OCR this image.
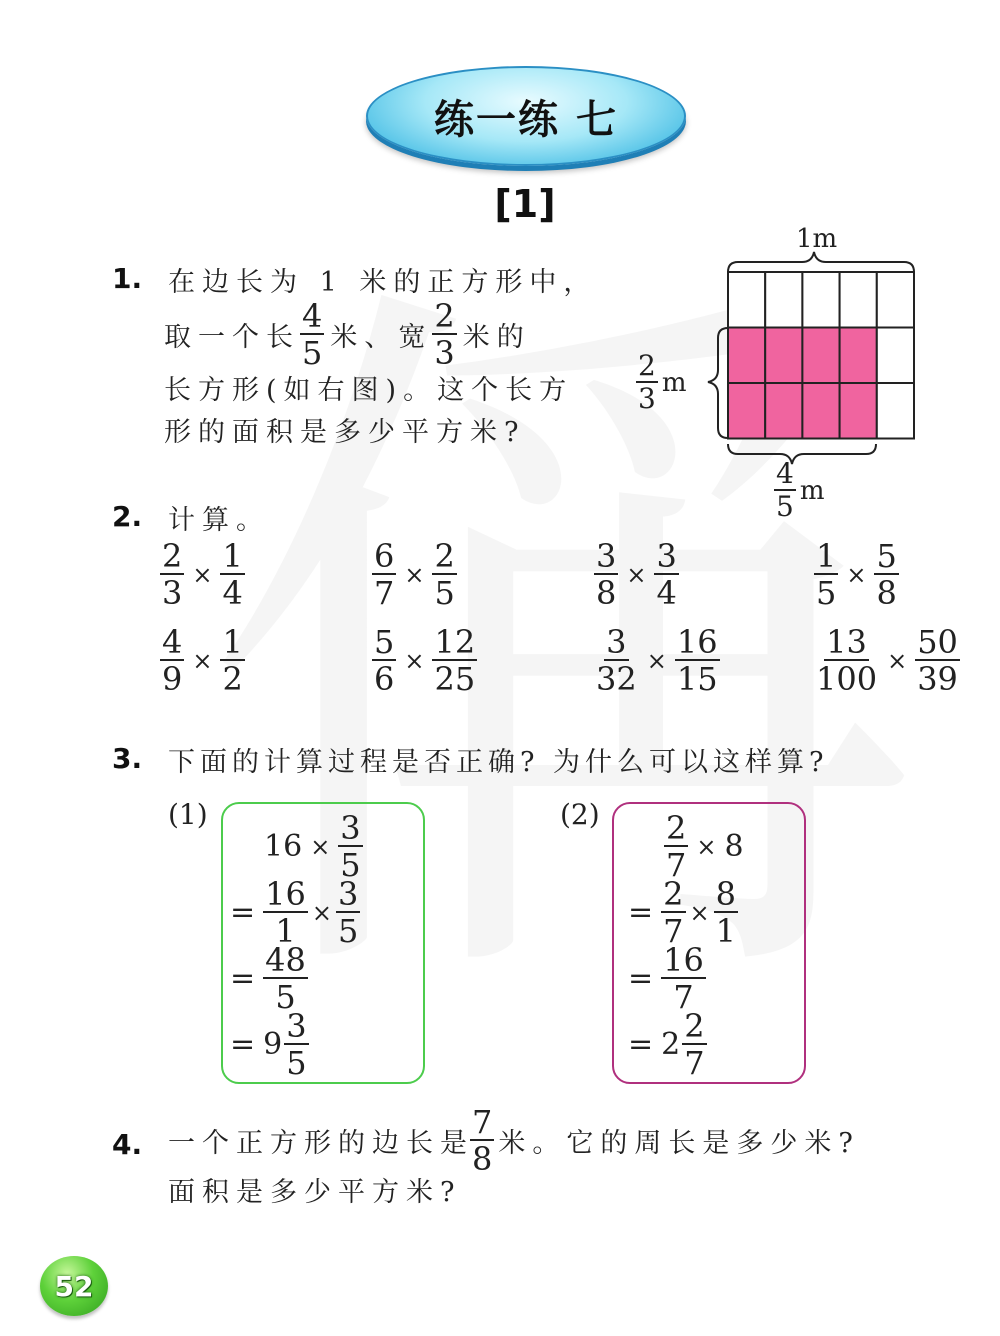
练一练 七
[1]
1. 在边长为 1 米的正方形中，
取一个长 $\frac{4}{5}$ 米、宽 $\frac{2}{3}$ 米的
长方形(如右图)。这个长方
形的面积是多少平方米?
1m
$\frac{2}{3}$ m
$\frac{4}{5}$ m
2. 计算。
$\frac{2}{3} \times \frac{1}{4}$	$\frac{6}{7} \times \frac{2}{5}$	$\frac{3}{8} \times \frac{3}{4}$	$\frac{1}{5} \times \frac{5}{8}$
$\frac{4}{9} \times \frac{1}{2}$	$\frac{5}{6} \times \frac{12}{25}$	$\frac{3}{32} \times \frac{16}{15}$	$\frac{13}{100} \times \frac{50}{39}$
3. 下面的计算过程是否正确? 为什么可以这样算?
(1)
$16 \times \frac{3}{5}$
= $\frac{16}{1} \times \frac{3}{5}$
= $\frac{48}{5}$
= $9 \frac{3}{5}$
$(2) \frac{2}{7} \times 8$
= $\frac{2}{7} \times \frac{8}{1}$
= $\frac{16}{7}$
= $2 \frac{2}{7}$
4. 一个正方形的边长是
$\frac{7}{8}$ 米。它的周长是多少米?
面积是多少平方米?
52
